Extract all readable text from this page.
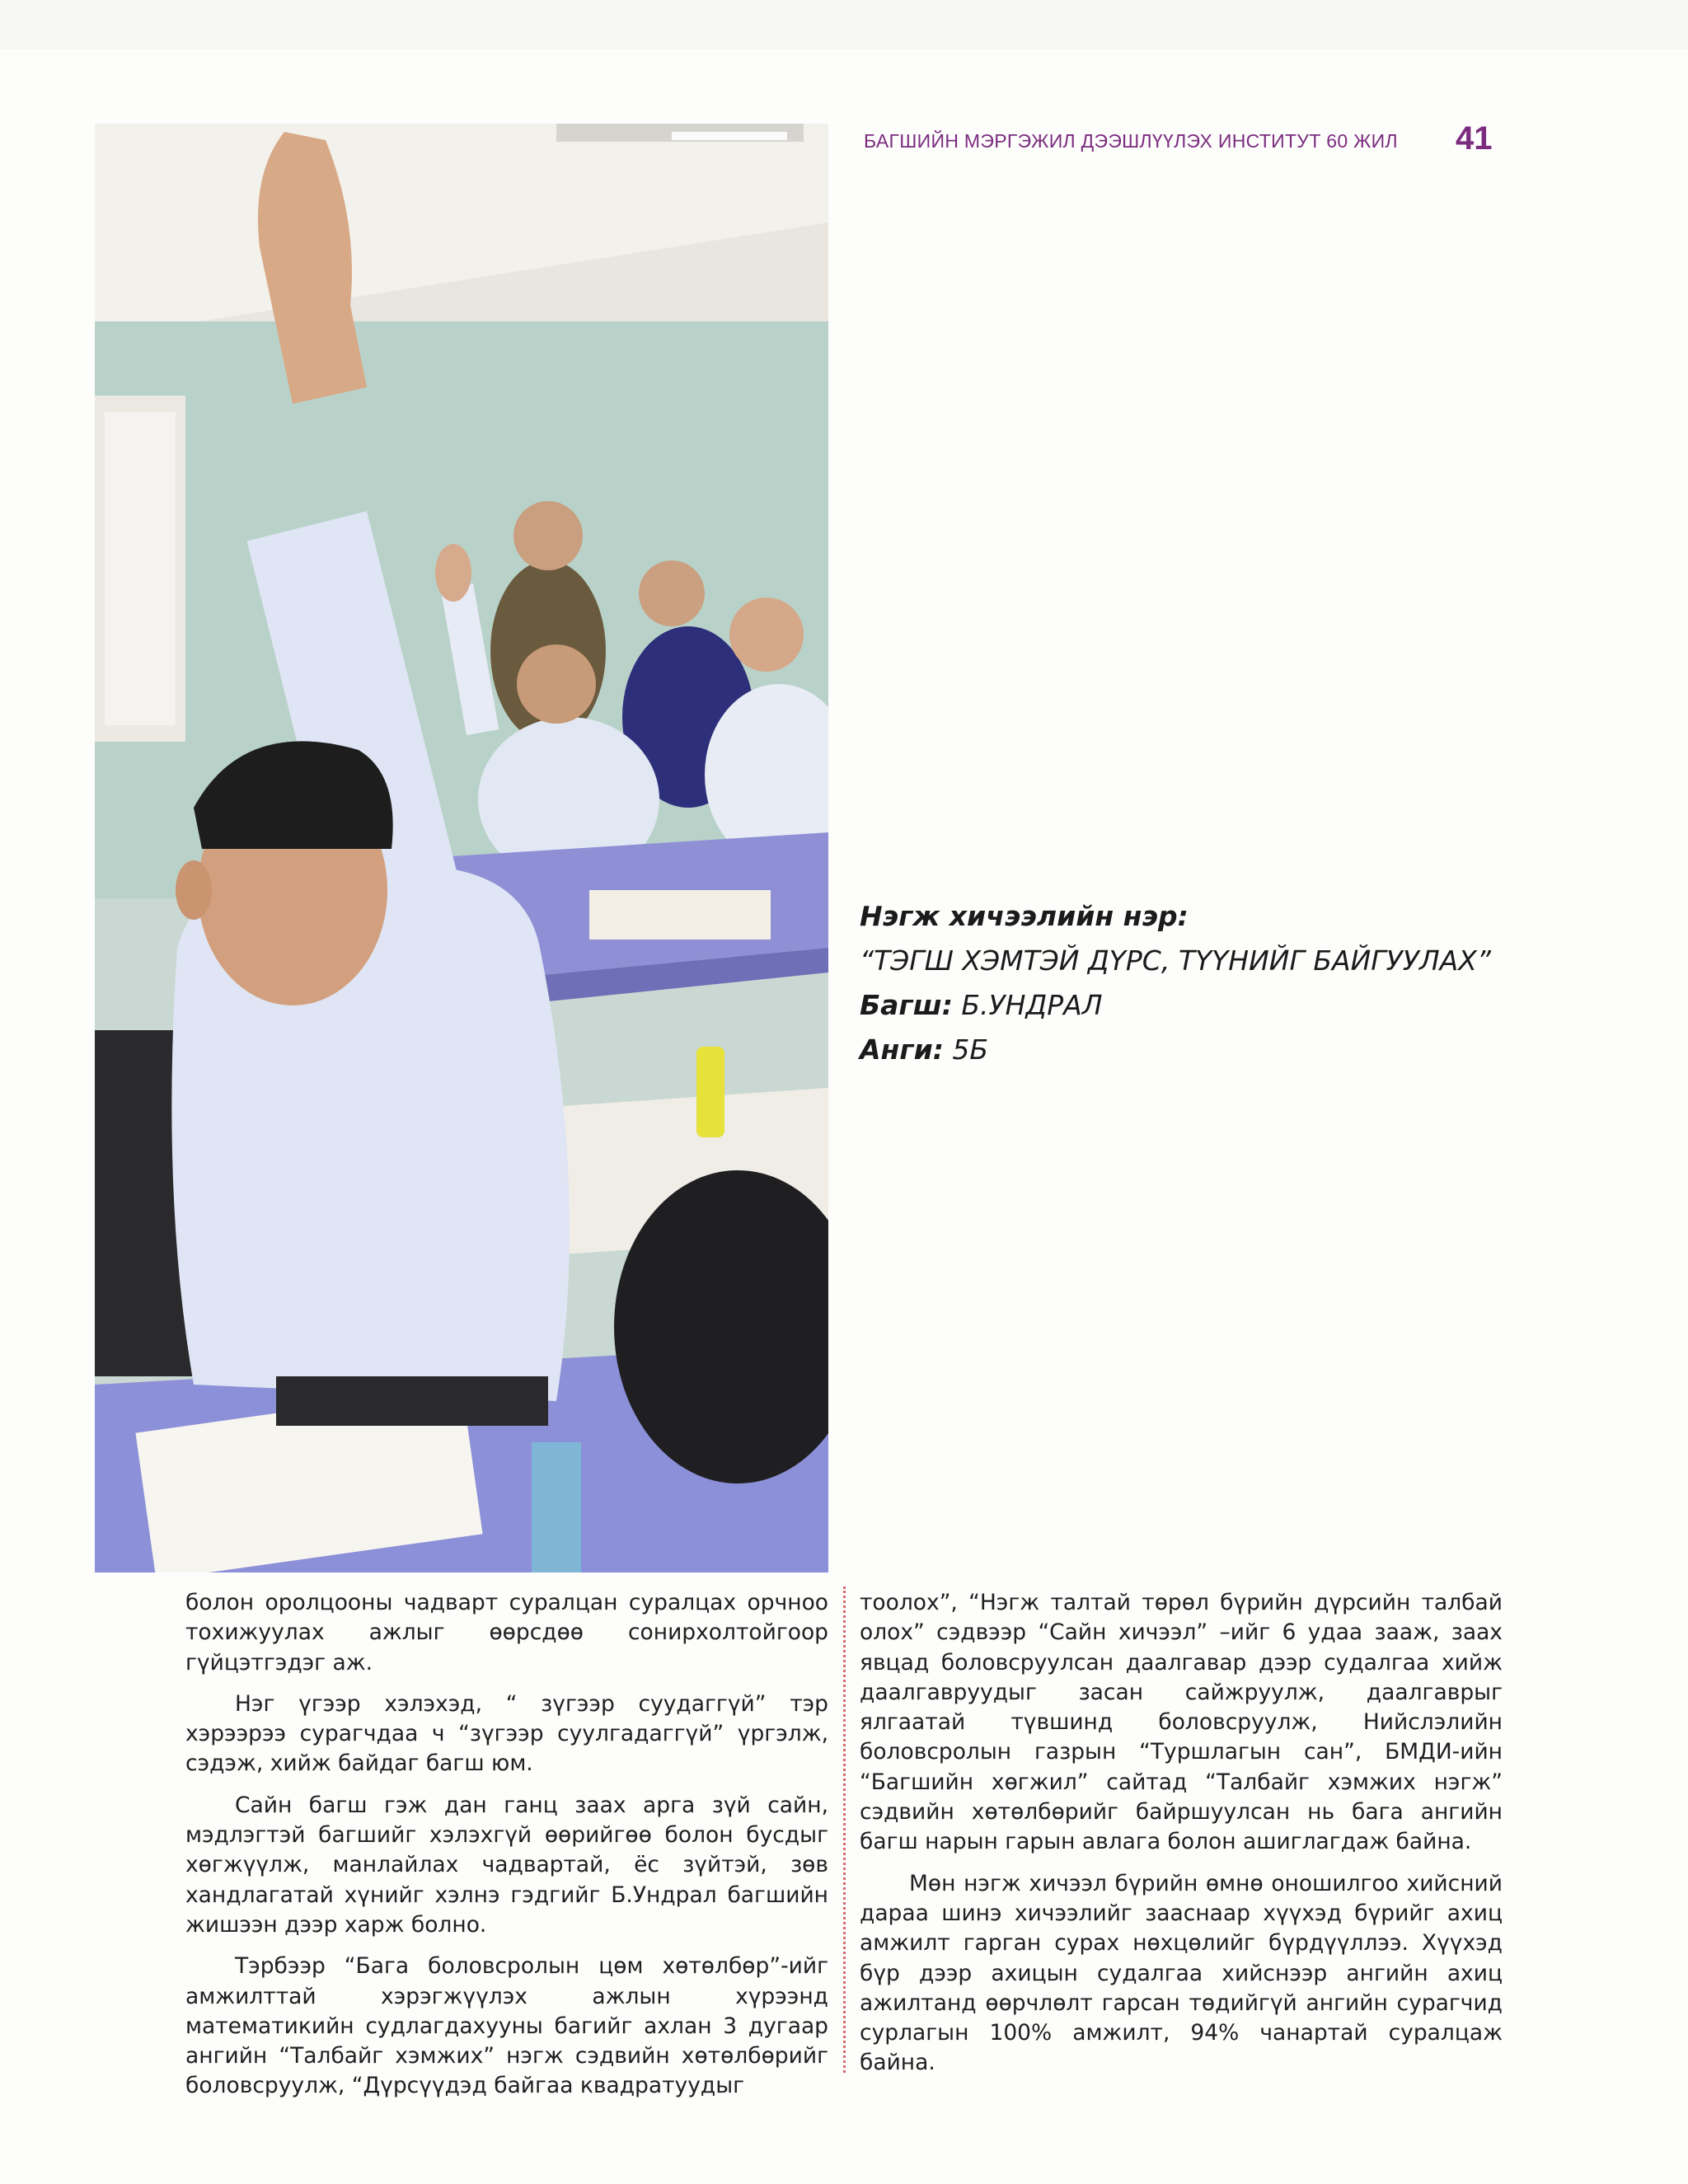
БАГШИЙН МЭРГЭЖИЛ ДЭЭШЛҮҮЛЭХ ИНСТИТУТ 60 ЖИЛ	41
Нэгж хичээлийн нэр:
“ТЭГШ ХЭМТЭЙ ДҮРС, ТҮҮНИЙГ БАЙГУУЛАХ”
Багш: Б.УНДРАЛ
Анги: 5Б

болон оролцооны чадварт суралцан суралцах орчноо тохижуулах ажлыг өөрсдөө сонирхолтойгоор гүйцэтгэдэг аж.

Нэг үгээр хэлэхэд, “ зүгээр суудаггүй” тэр хэрээрээ сурагчдаа ч “зүгээр суулгадаггүй” үргэлж, сэдэж, хийж байдаг багш юм.

Сайн багш гэж дан ганц заах арга зүй сайн, мэдлэгтэй багшийг хэлэхгүй өөрийгөө болон бусдыг хөгжүүлж, манлайлах чадвартай, ёс зүйтэй, зөв хандлагатай хүнийг хэлнэ гэдгийг Б.Ундрал багшийн жишээн дээр харж болно.

Тэрбээр “Бага боловсролын цөм хөтөлбөр”-ийг амжилттай хэрэгжүүлэх ажлын хүрээнд математикийн судлагдахууны багийг ахлан 3 дугаар ангийн “Талбайг хэмжих” нэгж сэдвийн хөтөлбөрийг боловсруулж, “Дүрсүүдэд байгаа квадратуудыг

тоолох”, “Нэгж талтай төрөл бүрийн дүрсийн талбай олох” сэдвээр “Сайн хичээл” –ийг 6 удаа зааж, заах явцад боловсруулсан даалгавар дээр судалгаа хийж даалгавруудыг засан сайжруулж, даалгаврыг ялгаатай түвшинд боловсруулж, Нийслэлийн боловсролын газрын “Туршлагын сан”, БМДИ-ийн “Багшийн хөгжил” сайтад “Талбайг хэмжих нэгж” сэдвийн хөтөлбөрийг байршуулсан нь бага ангийн багш нарын гарын авлага болон ашиглагдаж байна.

Мөн нэгж хичээл бүрийн өмнө оношилгоо хийсний дараа шинэ хичээлийг зааснаар хүүхэд бүрийг ахиц амжилт гарган сурах нөхцөлийг бүрдүүллээ. Хүүхэд бүр дээр ахицын судалгаа хийснээр ангийн ахиц ажилтанд өөрчлөлт гарсан төдийгүй ангийн сурагчид сурлагын 100% амжилт, 94% чанартай суралцаж байна.
